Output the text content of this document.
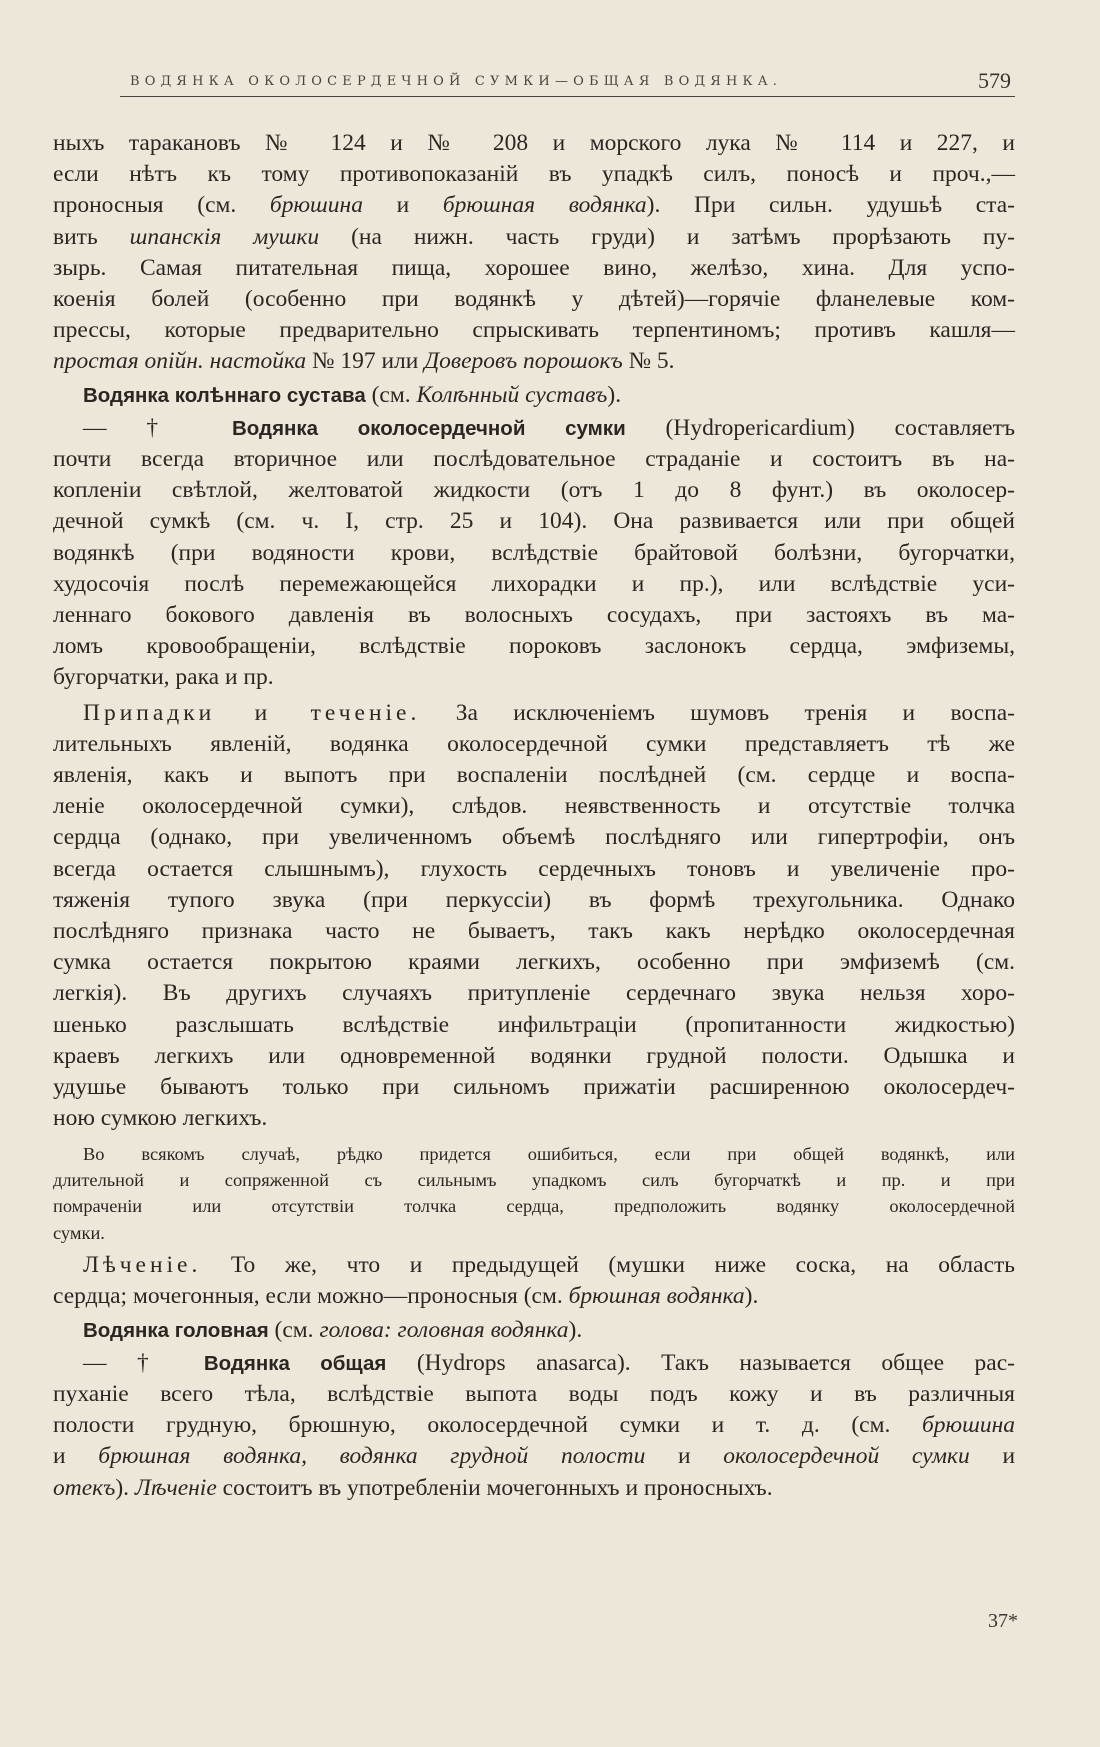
ВОДЯНКА ОКОЛОСЕРДЕЧНОЙ СУМКИ—ОБЩАЯ ВОДЯНКА.	579

ныхъ таракановъ № 124 и № 208 и морского лука № 114 и 227, и

если нѣтъ къ тому противопоказаній въ упадкѣ силъ, поносѣ и проч.,—

проносныя (см. брюшина и брюшная водянка). При сильн. удушьѣ ста-

вить шпанскія мушки (на нижн. часть груди) и затѣмъ прорѣзають пу-

зырь. Самая питательная пища, хорошее вино, желѣзо, хина. Для успо-

коенія болей (особенно при водянкѣ у дѣтей)—горячіе фланелевые ком-

прессы, которые предварительно спрыскивать терпентиномъ; противъ кашля—

простая опійн. настойка № 197 или Доверовъ порошокъ № 5.

Водянка колѣннаго сустава (см. Колѣнный суставъ).

— † Водянка околосердечной сумки (Hydropericardium) составляетъ

почти всегда вторичное или послѣдовательное страданіе и состоитъ въ на-

копленіи свѣтлой, желтоватой жидкости (отъ 1 до 8 фунт.) въ околосер-

дечной сумкѣ (см. ч. I, стр. 25 и 104). Она развивается или при общей

водянкѣ (при водяности крови, вслѣдствіе брайтовой болѣзни, бугорчатки,

худосочія послѣ перемежающейся лихорадки и пр.), или вслѣдствіе уси-

леннаго бокового давленія въ волосныхъ сосудахъ, при застояхъ въ ма-

ломъ кровообращеніи, вслѣдствіе пороковъ заслонокъ сердца, эмфиземы,

бугорчатки, рака и пр.

Припадки и теченіе. За исключеніемъ шумовъ тренія и воспа-

лительныхъ явленій, водянка околосердечной сумки представляетъ тѣ же

явленія, какъ и выпотъ при воспаленіи послѣдней (см. сердце и воспа-

леніе околосердечной сумки), слѣдов. неявственность и отсутствіе толчка

сердца (однако, при увеличенномъ объемѣ послѣдняго или гипертрофіи, онъ

всегда остается слышнымъ), глухость сердечныхъ тоновъ и увеличеніе про-

тяженія тупого звука (при перкуссіи) въ формѣ трехугольника. Однако

послѣдняго признака часто не бываетъ, такъ какъ нерѣдко околосердечная

сумка остается покрытою краями легкихъ, особенно при эмфиземѣ (см.

легкія). Въ другихъ случаяхъ притупленіе сердечнаго звука нельзя хоро-

шенько разслышать вслѣдствіе инфильтраціи (пропитанности жидкостью)

краевъ легкихъ или одновременной водянки грудной полости. Одышка и

удушье бываютъ только при сильномъ прижатіи расширенною околосердеч-

ною сумкою легкихъ.

Во всякомъ случаѣ, рѣдко придется ошибиться, если при общей водянкѣ, или

длительной и сопряженной съ сильнымъ упадкомъ силъ бугорчаткѣ и пр. и при

помраченіи или отсутствіи толчка сердца, предположить водянку околосердечной

сумки.

Лѣченіе. То же, что и предыдущей (мушки ниже соска, на область

сердца; мочегонныя, если можно—проносныя (см. брюшная водянка).

Водянка головная (см. голова: головная водянка).

— † Водянка общая (Hydrops anasarca). Такъ называется общее рас-

пуханіе всего тѣла, вслѣдствіе выпота воды подъ кожу и въ различныя

полости грудную, брюшную, околосердечной сумки и т. д. (см. брюшина

и брюшная водянка, водянка грудной полости и околосердечной сумки и

отекъ). Лѣченіе состоитъ въ употребленіи мочегонныхъ и проносныхъ.

37*
